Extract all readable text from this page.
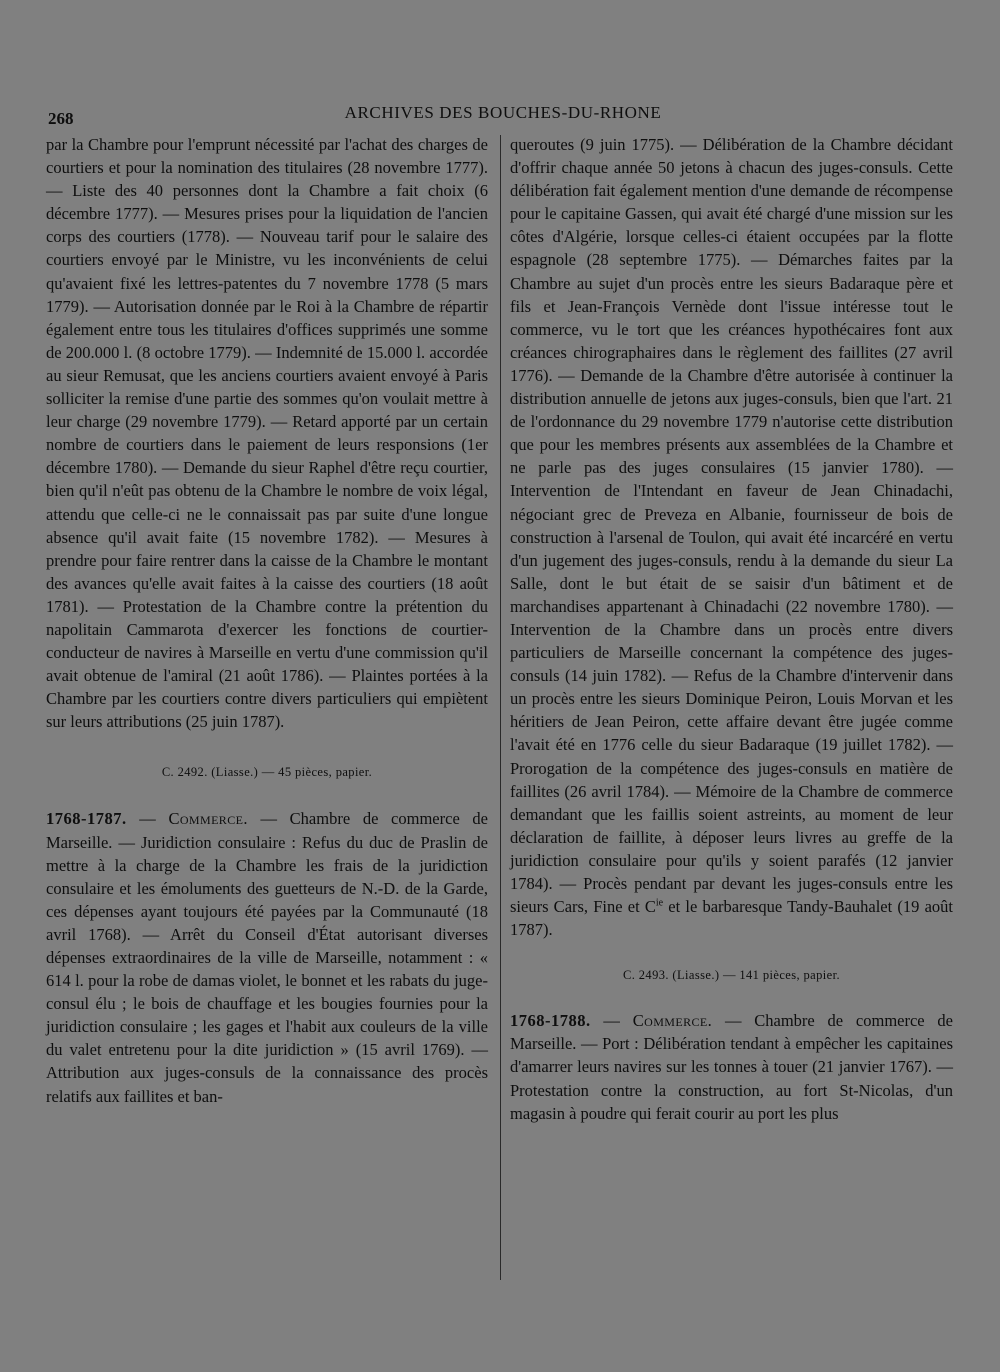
268	ARCHIVES DES BOUCHES-DU-RHONE

par la Chambre pour l'emprunt nécessité par l'achat des charges de courtiers et pour la nomination des titulaires (28 novembre 1777). — Liste des 40 personnes dont la Chambre a fait choix (6 décembre 1777). — Mesures prises pour la liquidation de l'ancien corps des courtiers (1778). — Nouveau tarif pour le salaire des courtiers envoyé par le Ministre, vu les inconvénients de celui qu'avaient fixé les lettres-patentes du 7 novembre 1778 (5 mars 1779). — Autorisation donnée par le Roi à la Chambre de répartir également entre tous les titulaires d'offices supprimés une somme de 200.000 l. (8 octobre 1779). — Indemnité de 15.000 l. accordée au sieur Remusat, que les anciens courtiers avaient envoyé à Paris solliciter la remise d'une partie des sommes qu'on voulait mettre à leur charge (29 novembre 1779). — Retard apporté par un certain nombre de courtiers dans le paiement de leurs responsions (1er décembre 1780). — Demande du sieur Raphel d'être reçu courtier, bien qu'il n'eût pas obtenu de la Chambre le nombre de voix légal, attendu que celle-ci ne le connaissait pas par suite d'une longue absence qu'il avait faite (15 novembre 1782). — Mesures à prendre pour faire rentrer dans la caisse de la Chambre le montant des avances qu'elle avait faites à la caisse des courtiers (18 août 1781). — Protestation de la Chambre contre la prétention du napolitain Cammarota d'exercer les fonctions de courtier-conducteur de navires à Marseille en vertu d'une commission qu'il avait obtenue de l'amiral (21 août 1786). — Plaintes portées à la Chambre par les courtiers contre divers particuliers qui empiètent sur leurs attributions (25 juin 1787).

C. 2492. (Liasse.) — 45 pièces, papier.

1768-1787. — Commerce. — Chambre de commerce de Marseille. — Juridiction consulaire : Refus du duc de Praslin de mettre à la charge de la Chambre les frais de la juridiction consulaire et les émoluments des guetteurs de N.-D. de la Garde, ces dépenses ayant toujours été payées par la Communauté (18 avril 1768). — Arrêt du Conseil d'État autorisant diverses dépenses extraordinaires de la ville de Marseille, notamment : « 614 l. pour la robe de damas violet, le bonnet et les rabats du juge-consul élu ; le bois de chauffage et les bougies fournies pour la juridiction consulaire ; les gages et l'habit aux couleurs de la ville du valet entretenu pour la dite juridiction » (15 avril 1769). — Attribution aux juges-consuls de la connaissance des procès relatifs aux faillites et ban-

queroutes (9 juin 1775). — Délibération de la Chambre décidant d'offrir chaque année 50 jetons à chacun des juges-consuls. Cette délibération fait également mention d'une demande de récompense pour le capitaine Gassen, qui avait été chargé d'une mission sur les côtes d'Algérie, lorsque celles-ci étaient occupées par la flotte espagnole (28 septembre 1775). — Démarches faites par la Chambre au sujet d'un procès entre les sieurs Badaraque père et fils et Jean-François Vernède dont l'issue intéresse tout le commerce, vu le tort que les créances hypothécaires font aux créances chirographaires dans le règlement des faillites (27 avril 1776). — Demande de la Chambre d'être autorisée à continuer la distribution annuelle de jetons aux juges-consuls, bien que l'art. 21 de l'ordonnance du 29 novembre 1779 n'autorise cette distribution que pour les membres présents aux assemblées de la Chambre et ne parle pas des juges consulaires (15 janvier 1780). — Intervention de l'Intendant en faveur de Jean Chinadachi, négociant grec de Preveza en Albanie, fournisseur de bois de construction à l'arsenal de Toulon, qui avait été incarcéré en vertu d'un jugement des juges-consuls, rendu à la demande du sieur La Salle, dont le but était de se saisir d'un bâtiment et de marchandises appartenant à Chinadachi (22 novembre 1780). — Intervention de la Chambre dans un procès entre divers particuliers de Marseille concernant la compétence des juges-consuls (14 juin 1782). — Refus de la Chambre d'intervenir dans un procès entre les sieurs Dominique Peiron, Louis Morvan et les héritiers de Jean Peiron, cette affaire devant être jugée comme l'avait été en 1776 celle du sieur Badaraque (19 juillet 1782). — Prorogation de la compétence des juges-consuls en matière de faillites (26 avril 1784). — Mémoire de la Chambre de commerce demandant que les faillis soient astreints, au moment de leur déclaration de faillite, à déposer leurs livres au greffe de la juridiction consulaire pour qu'ils y soient parafés (12 janvier 1784). — Procès pendant par devant les juges-consuls entre les sieurs Cars, Fine et $C^{ie}$ et le barbaresque Tandy-Bauhalet (19 août 1787).

C. 2493. (Liasse.) — 141 pièces, papier.

1768-1788. — Commerce. — Chambre de commerce de Marseille. — Port : Délibération tendant à empêcher les capitaines d'amarrer leurs navires sur les tonnes à touer (21 janvier 1767). — Protestation contre la construction, au fort St-Nicolas, d'un magasin à poudre qui ferait courir au port les plus
